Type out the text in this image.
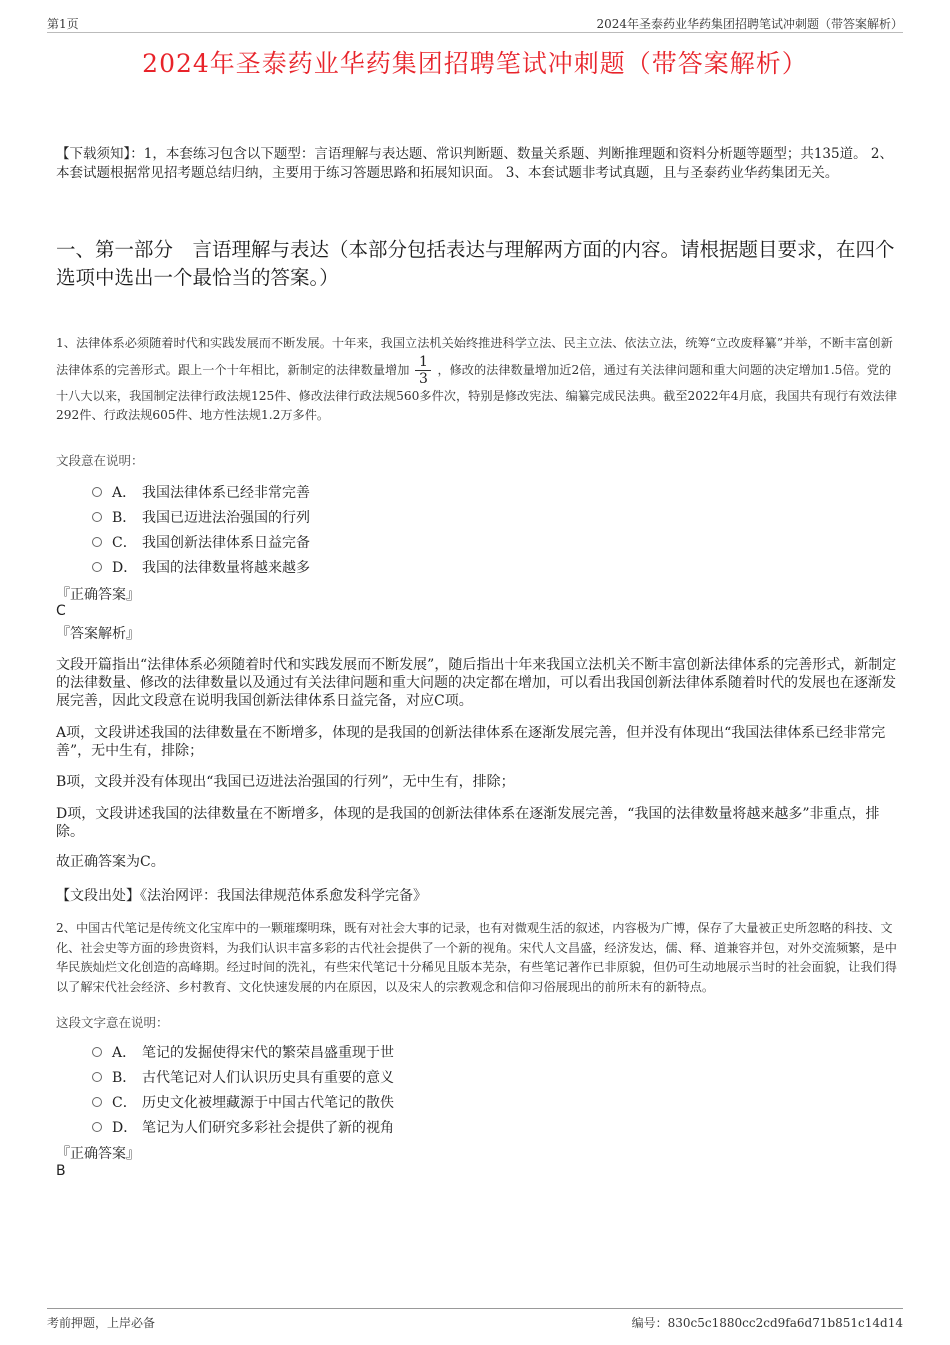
第1页	2024年圣泰药业华药集团招聘笔试冲刺题（带答案解析）
2024年圣泰药业华药集团招聘笔试冲刺题（带答案解析）
【下载须知】：1，本套练习包含以下题型：言语理解与表达题、常识判断题、数量关系题、判断推理题和资料分析题等题型；共135道。 2、本套试题根据常见招考题总结归纳，主要用于练习答题思路和拓展知识面。 3、本套试题非考试真题，且与圣泰药业华药集团无关。
一、第一部分　言语理解与表达（本部分包括表达与理解两方面的内容。请根据题目要求，在四个选项中选出一个最恰当的答案。）
1、法律体系必须随着时代和实践发展而不断发展。十年来，我国立法机关始终推进科学立法、民主立法、依法立法，统筹“立改废释纂”并举，不断丰富创新法律体系的完善形式。跟上一个十年相比，新制定的法律数量增加 $\frac{1}{3}$ ，修改的法律数量增加近2倍，通过有关法律问题和重大问题的决定增加1.5倍。党的十八大以来，我国制定法律行政法规125件、修改法律行政法规560多件次，特别是修改宪法、编纂完成民法典。截至2022年4月底，我国共有现行有效法律292件、行政法规605件、地方性法规1.2万多件。
文段意在说明：
A． 我国法律体系已经非常完善
B． 我国已迈进法治强国的行列
C． 我国创新法律体系日益完备
D． 我国的法律数量将越来越多
『正确答案』
C
『答案解析』
文段开篇指出“法律体系必须随着时代和实践发展而不断发展”，随后指出十年来我国立法机关不断丰富创新法律体系的完善形式，新制定的法律数量、修改的法律数量以及通过有关法律问题和重大问题的决定都在增加，可以看出我国创新法律体系随着时代的发展也在逐渐发展完善，因此文段意在说明我国创新法律体系日益完备，对应C项。
A项，文段讲述我国的法律数量在不断增多，体现的是我国的创新法律体系在逐渐发展完善，但并没有体现出“我国法律体系已经非常完善”，无中生有，排除；
B项，文段并没有体现出“我国已迈进法治强国的行列”，无中生有，排除；
D项，文段讲述我国的法律数量在不断增多，体现的是我国的创新法律体系在逐渐发展完善，“我国的法律数量将越来越多”非重点，排除。
故正确答案为C。
【文段出处】《法治网评：我国法律规范体系愈发科学完备》
2、中国古代笔记是传统文化宝库中的一颗璀璨明珠，既有对社会大事的记录，也有对微观生活的叙述，内容极为广博，保存了大量被正史所忽略的科技、文化、社会史等方面的珍贵资料，为我们认识丰富多彩的古代社会提供了一个新的视角。宋代人文昌盛，经济发达，儒、释、道兼容并包，对外交流频繁，是中华民族灿烂文化创造的高峰期。经过时间的洗礼，有些宋代笔记十分稀见且版本芜杂，有些笔记著作已非原貌，但仍可生动地展示当时的社会面貌，让我们得以了解宋代社会经济、乡村教育、文化快速发展的内在原因，以及宋人的宗教观念和信仰习俗展现出的前所未有的新特点。
这段文字意在说明：
A． 笔记的发掘使得宋代的繁荣昌盛重现于世
B． 古代笔记对人们认识历史具有重要的意义
C． 历史文化被埋藏源于中国古代笔记的散佚
D． 笔记为人们研究多彩社会提供了新的视角
『正确答案』
B
考前押题，上岸必备	编号：830c5c1880cc2cd9fa6d71b851c14d14
